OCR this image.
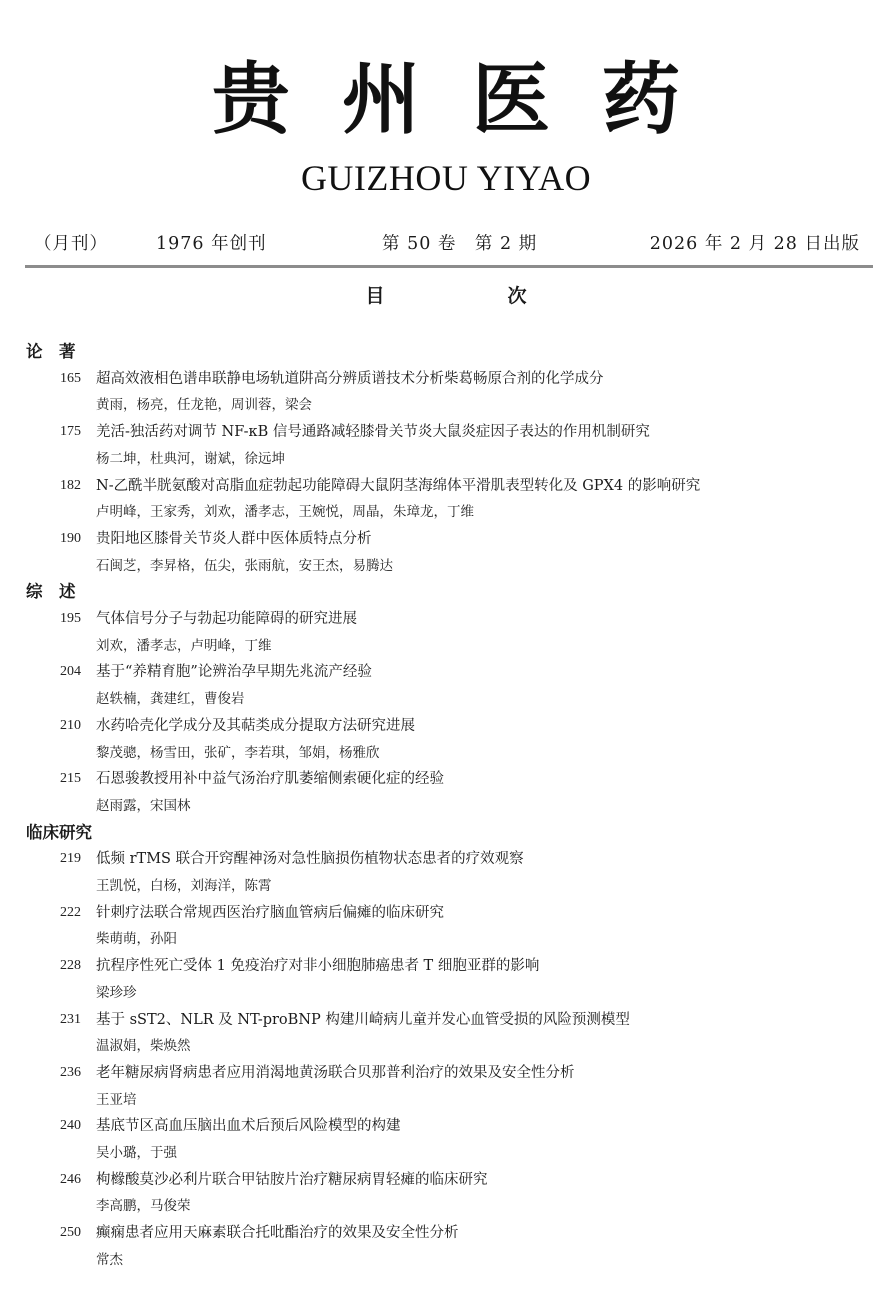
贵州医药
GUIZHOU YIYAO
（月刊）	1976 年创刊	第 50 卷　第 2 期	2026 年 2 月 28 日出版
目　次
论　著
165 超高效液相色谱串联静电场轨道阱高分辨质谱技术分析柴葛畅原合剂的化学成分
黄雨，杨亮，任龙艳，周训蓉，梁会
175 羌活-独活药对调节 NF-κB 信号通路减轻膝骨关节炎大鼠炎症因子表达的作用机制研究
杨二坤，杜典河，谢斌，徐远坤
182 N-乙酰半胱氨酸对高脂血症勃起功能障碍大鼠阴茎海绵体平滑肌表型转化及 GPX4 的影响研究
卢明峰，王家秀，刘欢，潘孝志，王婉悦，周晶，朱璋龙，丁维
190 贵阳地区膝骨关节炎人群中医体质特点分析
石闽芝，李昇格，伍尖，张雨航，安王杰，易腾达
综　述
195 气体信号分子与勃起功能障碍的研究进展
刘欢，潘孝志，卢明峰，丁维
204 基于“养精育胞”论辨治孕早期先兆流产经验
赵轶楠，龚建红，曹俊岩
210 水药哈壳化学成分及其萜类成分提取方法研究进展
黎茂骢，杨雪田，张矿，李若琪，邹娟，杨雅欣
215 石恩骏教授用补中益气汤治疗肌萎缩侧索硬化症的经验
赵雨露，宋国林
临床研究
219 低频 rTMS 联合开窍醒神汤对急性脑损伤植物状态患者的疗效观察
王凯悦，白杨，刘海洋，陈霄
222 针刺疗法联合常规西医治疗脑血管病后偏瘫的临床研究
柴萌萌，孙阳
228 抗程序性死亡受体 1 免疫治疗对非小细胞肺癌患者 T 细胞亚群的影响
梁珍珍
231 基于 sST2、NLR 及 NT-proBNP 构建川崎病儿童并发心血管受损的风险预测模型
温淑娟，柴焕然
236 老年糖尿病肾病患者应用消渴地黄汤联合贝那普利治疗的效果及安全性分析
王亚培
240 基底节区高血压脑出血术后预后风险模型的构建
吴小璐，于强
246 枸橼酸莫沙必利片联合甲钴胺片治疗糖尿病胃轻瘫的临床研究
李高鹏，马俊荣
250 癫痫患者应用天麻素联合托吡酯治疗的效果及安全性分析
常杰
